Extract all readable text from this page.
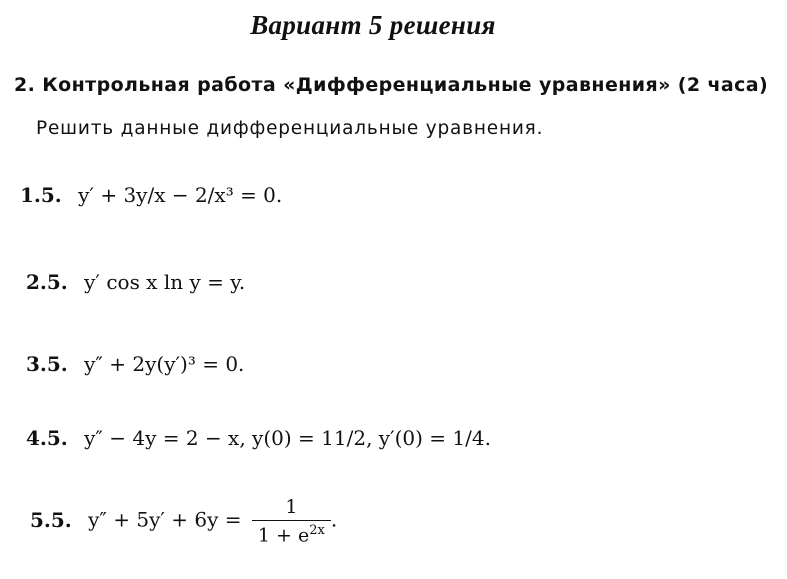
Вариант 5 решения
2. Контрольная работа «Дифференциальные уравнения» (2 часа)
Решить данные дифференциальные уравнения.
1.5. y′ + 3y/x − 2/x³ = 0.
2.5. y′ cos x ln y = y.
3.5. y″ + 2y(y′)³ = 0.
4.5. y″ − 4y = 2 − x, y(0) = 11/2, y′(0) = 1/4.
5.5. $y'' + 5y' + 6y = \frac{1}{1 + e^{2x}}$ .
